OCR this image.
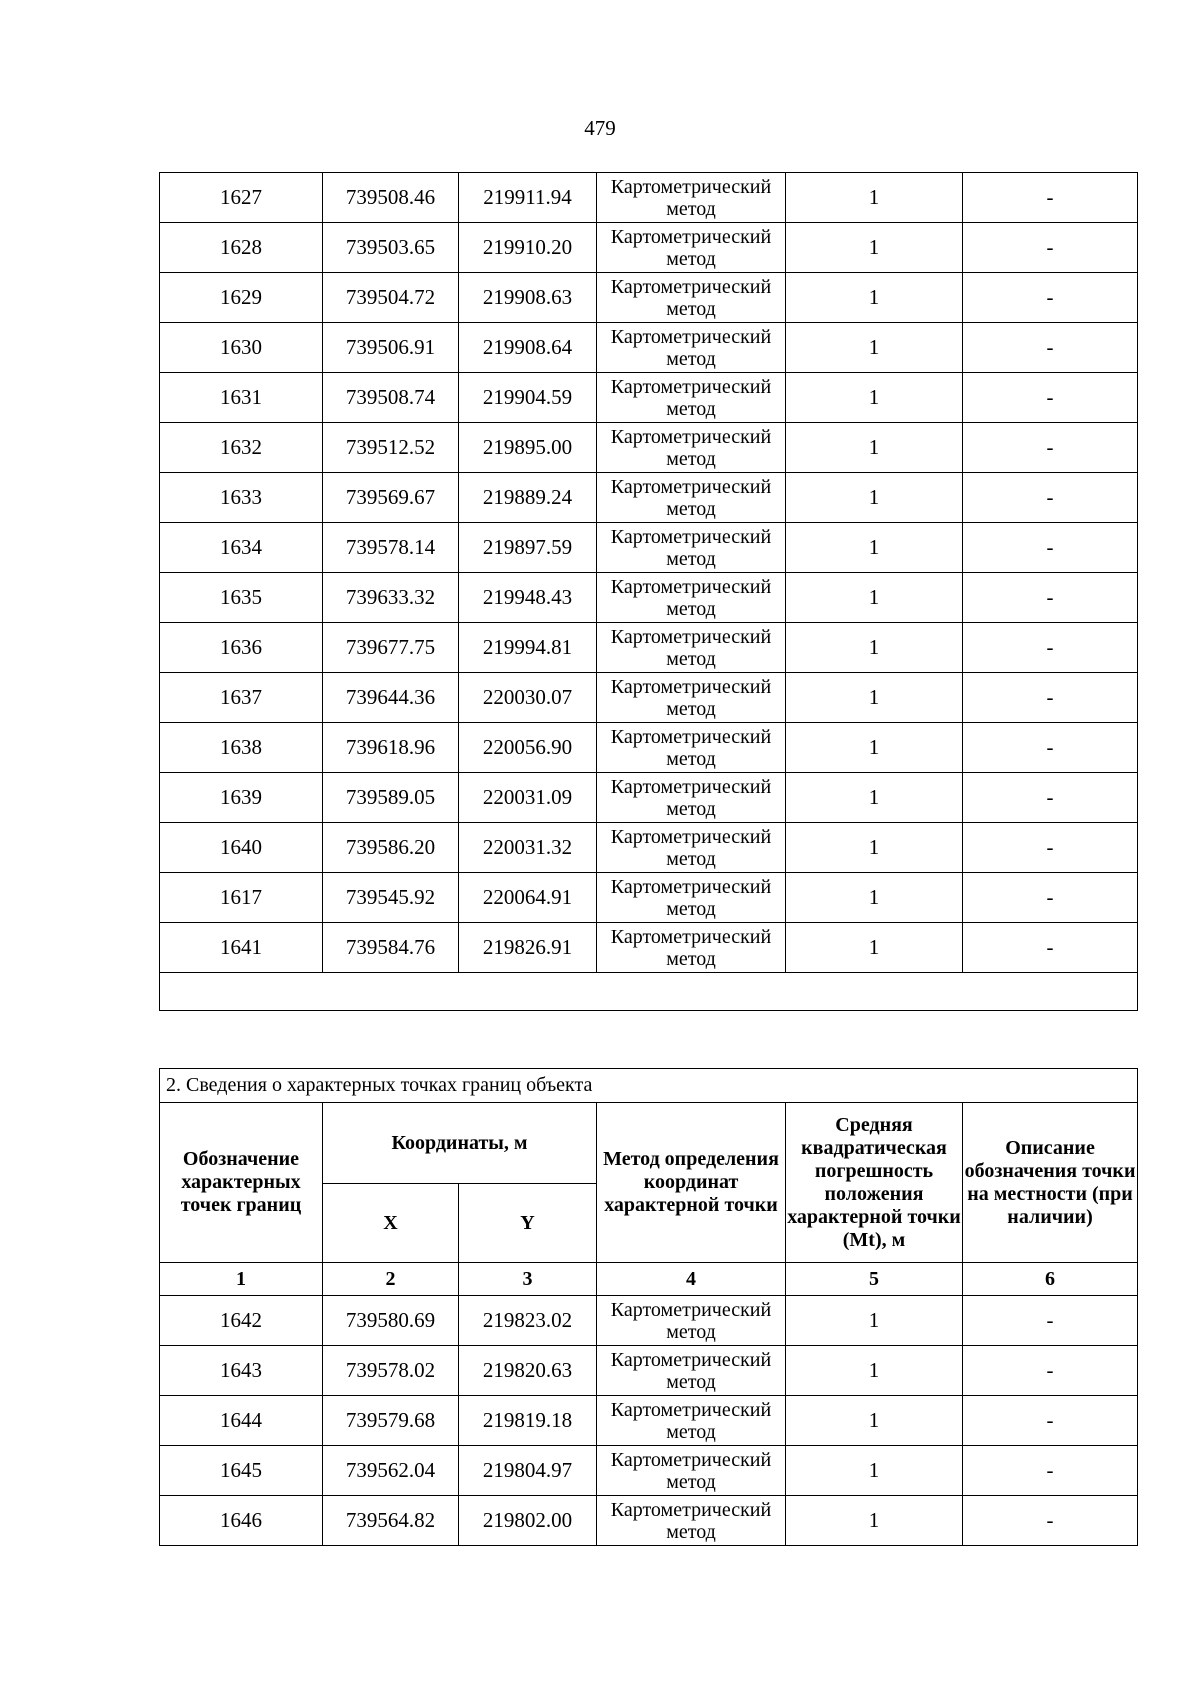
479
1627	739508.46	219911.94	Картометрический метод	1	-
1628	739503.65	219910.20	Картометрический метод	1	-
1629	739504.72	219908.63	Картометрический метод	1	-
1630	739506.91	219908.64	Картометрический метод	1	-
1631	739508.74	219904.59	Картометрический метод	1	-
1632	739512.52	219895.00	Картометрический метод	1	-
1633	739569.67	219889.24	Картометрический метод	1	-
1634	739578.14	219897.59	Картометрический метод	1	-
1635	739633.32	219948.43	Картометрический метод	1	-
1636	739677.75	219994.81	Картометрический метод	1	-
1637	739644.36	220030.07	Картометрический метод	1	-
1638	739618.96	220056.90	Картометрический метод	1	-
1639	739589.05	220031.09	Картометрический метод	1	-
1640	739586.20	220031.32	Картометрический метод	1	-
1617	739545.92	220064.91	Картометрический метод	1	-
1641	739584.76	219826.91	Картометрический метод	1	-

2. Сведения о характерных точках границ объекта					
Обозначение характерных точек границ	Координаты, м		Метод определения координат характерной точки	Средняя квадратическая погрешность положения характерной точки (Mt), м	Описание обозначения точки на местности (при наличии)
	X	Y			
1	2	3	4	5	6
1642	739580.69	219823.02	Картометрический метод	1	-
1643	739578.02	219820.63	Картометрический метод	1	-
1644	739579.68	219819.18	Картометрический метод	1	-
1645	739562.04	219804.97	Картометрический метод	1	-
1646	739564.82	219802.00	Картометрический метод	1	-
